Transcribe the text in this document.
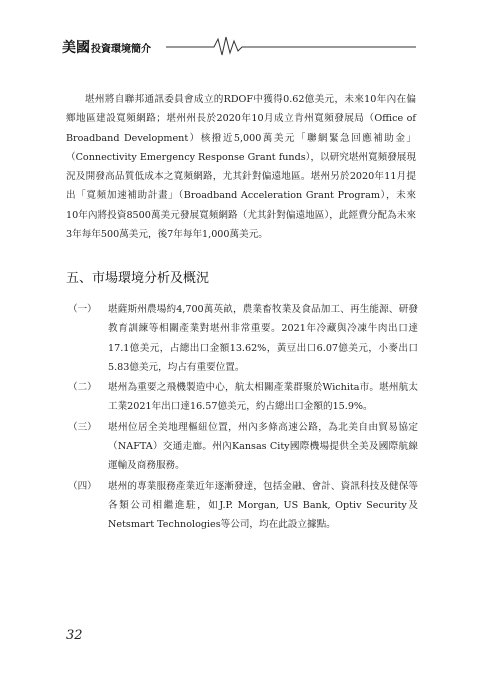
美國 投資環境簡介

堪州將自聯邦通訊委員會成立的RDOF中獲得0.62億美元，未來10年內在偏鄉地區建設寬頻網路；堪州州長於2020年10月成立肯州寬頻發展局（Office of Broadband Development）核撥近5,000萬美元「聯網緊急回應補助金」（Connectivity Emergency Response Grant funds），以研究堪州寬頻發展現況及開發高品質低成本之寬頻網路，尤其針對偏遠地區。堪州另於2020年11月提出「寬頻加速補助計畫」（Broadband Acceleration Grant Program），未來10年內將投資8500萬美元發展寬頻網路（尤其針對偏遠地區），此經費分配為未來3年每年500萬美元，後7年每年1,000萬美元。

五、市場環境分析及概況
（一）	堪薩斯州農場約4,700萬英畝，農業畜牧業及食品加工、再生能源、研發教育訓練等相關產業對堪州非常重要。2021年冷藏與冷凍牛肉出口達17.1億美元，占總出口金額13.62%，黃豆出口6.07億美元，小麥出口5.83億美元，均占有重要位置。
（二）	堪州為重要之飛機製造中心，航太相關產業群聚於Wichita市。堪州航太工業2021年出口達16.57億美元，約占總出口金額的15.9%。
（三）	堪州位居全美地理樞紐位置，州內多條高速公路，為北美自由貿易協定（NAFTA）交通走廊。州內Kansas City國際機場提供全美及國際航線運輸及商務服務。
（四）	堪州的專業服務產業近年逐漸發達，包括金融、會計、資訊科技及健保等各類公司相繼進駐，如J.P. Morgan, US Bank, Optiv Security及Netsmart Technologies等公司，均在此設立據點。
32
